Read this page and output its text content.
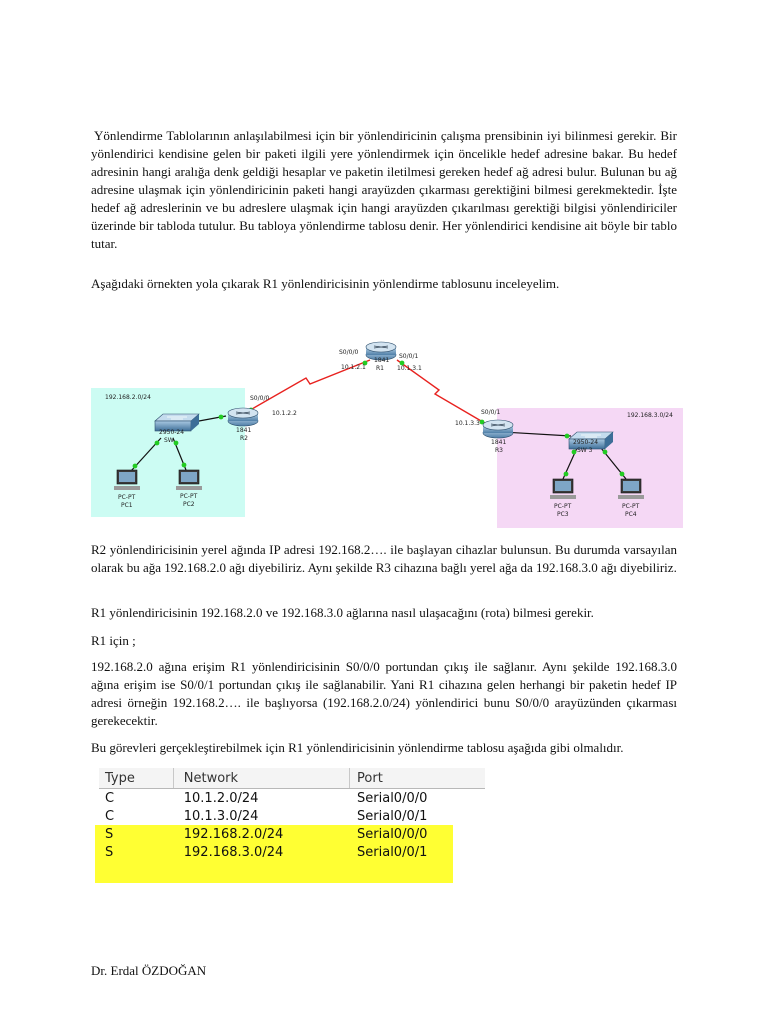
Yönlendirme Tablolarının anlaşılabilmesi için bir yönlendiricinin çalışma prensibinin iyi bilinmesi gerekir. Bir yönlendirici kendisine gelen bir paketi ilgili yere yönlendirmek için öncelikle hedef adresine bakar. Bu hedef adresinin hangi aralığa denk geldiği hesaplar ve paketin iletilmesi gereken hedef ağ adresi bulur. Bulunan bu ağ adresine ulaşmak için yönlendiricinin paketi hangi arayüzden çıkarması gerektiğini bilmesi gerekmektedir. İşte hedef ağ adreslerinin ve bu adreslere ulaşmak için hangi arayüzden çıkarılması gerektiği bilgisi yönlendiriciler üzerinde bir tabloda tutulur. Bu tabloya yönlendirme tablosu denir. Her yönlendirici kendisine ait böyle bir tablo tutar.

Aşağıdaki örnekten yola çıkarak R1 yönlendiricisinin yönlendirme tablosunu inceleyelim.

192.168.2.0/24
192.168.3.0/24
S0/0/0
S0/0/1
1841
R1
10.1.2.1	10.1.3.1
S0/0/0
10.1.2.2
1841
R2
S0/0/1
10.1.3.3
1841
R3
2950-24
SW	2950-24
SW 3
PC-PT
PC1
PC-PT
PC2	PC-PT
PC3
PC-PT
PC4

R2 yönlendiricisinin yerel ağında IP adresi 192.168.2…. ile başlayan cihazlar bulunsun. Bu durumda varsayılan olarak bu ağa 192.168.2.0 ağı diyebiliriz. Aynı şekilde R3 cihazına bağlı yerel ağa da 192.168.3.0 ağı diyebiliriz.

R1 yönlendiricisinin 192.168.2.0 ve 192.168.3.0 ağlarına nasıl ulaşacağını (rota) bilmesi gerekir.

R1 için ;

192.168.2.0 ağına erişim R1 yönlendiricisinin S0/0/0 portundan çıkış ile sağlanır. Aynı şekilde 192.168.3.0 ağına erişim ise S0/0/1 portundan çıkış ile sağlanabilir. Yani R1 cihazına gelen herhangi bir paketin hedef IP adresi örneğin 192.168.2…. ile başlıyorsa (192.168.2.0/24) yönlendirici bunu S0/0/0 arayüzünden çıkarması gerekecektir.

Bu görevleri gerçekleştirebilmek için R1 yönlendiricisinin yönlendirme tablosu aşağıda gibi olmalıdır.

Type	Network	Port
C	10.1.2.0/24	Serial0/0/0
C	10.1.3.0/24	Serial0/0/1
S	192.168.2.0/24	Serial0/0/0
S	192.168.3.0/24	Serial0/0/1
Dr. Erdal ÖZDOĞAN
